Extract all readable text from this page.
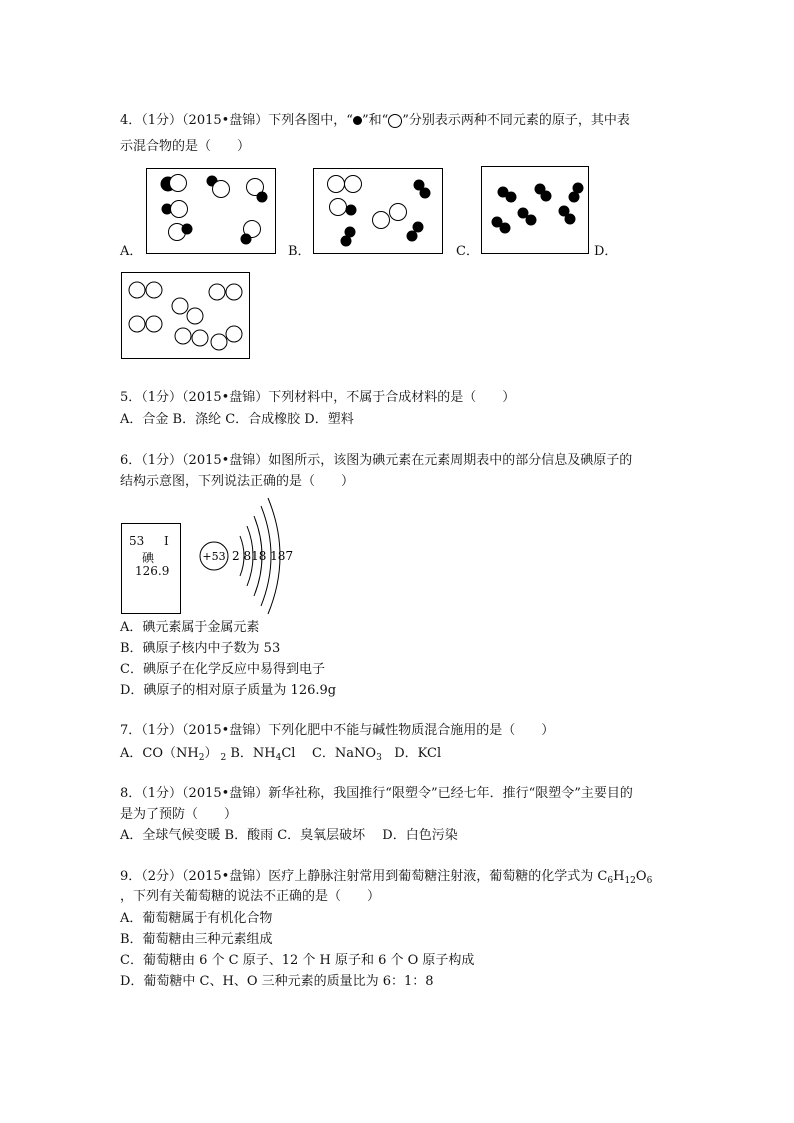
4．（1分）（2015•盘锦）下列各图中，“ ”和“ ”分别表示两种不同元素的原子，其中表
示混合物的是（　　）
A．	B．	C．	D．
5．（1分）（2015•盘锦）下列材料中，不属于合成材料的是（　　）
A．合金 B．涤纶 C．合成橡胶 D．塑料
6．（1分）（2015•盘锦）如图所示，该图为碘元素在元素周期表中的部分信息及碘原子的
结构示意图，下列说法正确的是（　　）
53 I
碘
126.9
+53 2 818 187
A．碘元素属于金属元素
B．碘原子核内中子数为 53
C．碘原子在化学反应中易得到电子
D．碘原子的相对原子质量为 126.9g
7．（1分）（2015•盘锦）下列化肥中不能与碱性物质混合施用的是（　　）
A．$CO(NH_2)$ $_2$ B．$NH_4Cl$ C．NaNO$_3$ D．KCl
8．（1分）（2015•盘锦）新华社称，我国推行“限塑令”已经七年．推行“限塑令”主要目的
是为了预防（　　）
A．全球气候变暖 B．酸雨 C．臭氧层破坏　 D．白色污染
9．（2分）（2015•盘锦）医疗上静脉注射常用到葡萄糖注射液，葡萄糖的化学式为 $C_6H_{12}O_6$
，下列有关葡萄糖的说法不正确的是（　　）
A．葡萄糖属于有机化合物
B．葡萄糖由三种元素组成
C．葡萄糖由 6 个 C 原子、12 个 H 原子和 6 个 O 原子构成
D．葡萄糖中 C、H、O 三种元素的质量比为 6：1：8
